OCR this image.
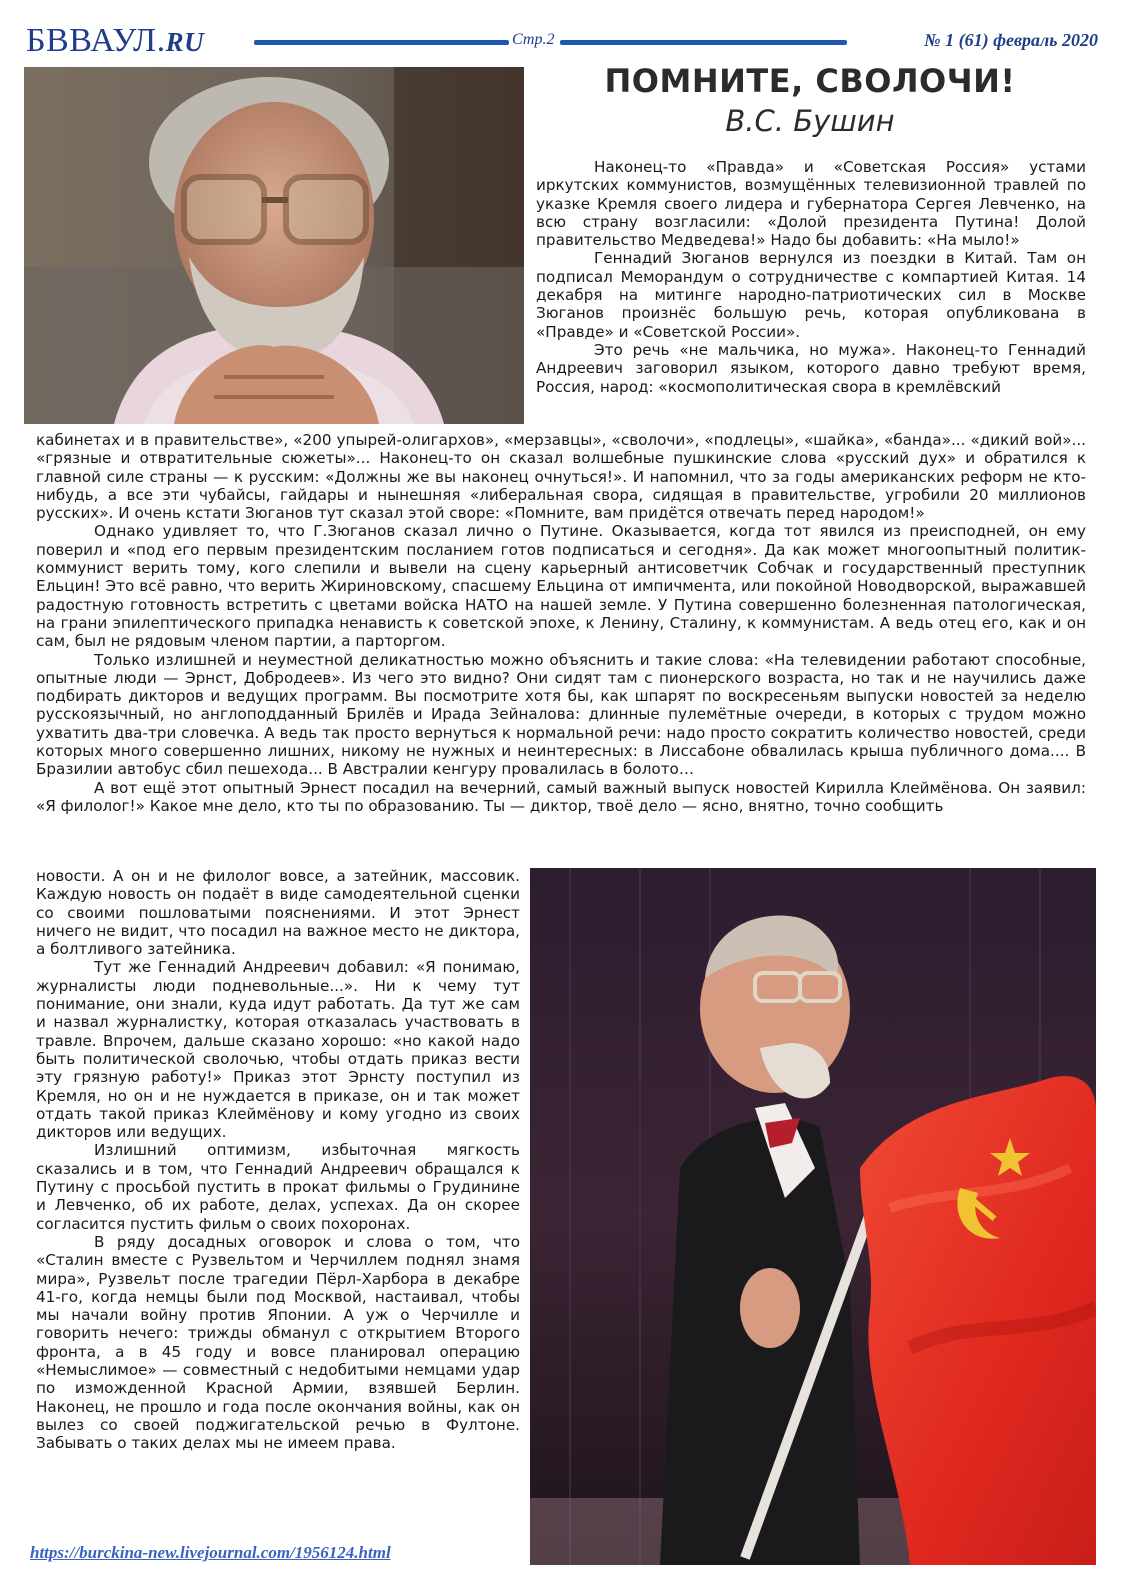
БВВАУЛ.RU	Стр.2	№ 1 (61) февраль 2020
ПОМНИТЕ, СВОЛОЧИ!
В.С. Бушин

Наконец-то «Правда» и «Советская Россия» устами иркутских коммунистов, возмущённых телевизионной травлей по указке Кремля своего лидера и губернатора Сергея Левченко, на всю страну возгласили: «Долой президента Путина! Долой правительство Медведева!» Надо бы добавить: «На мыло!»

Геннадий Зюганов вернулся из поездки в Китай. Там он подписал Меморандум о сотрудничестве с компартией Китая. 14 декабря на митинге народно-патриотических сил в Москве Зюганов произнёс большую речь, которая опубликована в «Правде» и «Советской России».

Это речь «не мальчика, но мужа». Наконец-то Геннадий Андреевич заговорил языком, которого давно требуют время, Россия, народ: «космополитическая свора в кремлёвский

кабинетах и в правительстве», «200 упырей-олигархов», «мерзавцы», «сволочи», «подлецы», «шайка», «банда»... «дикий вой»... «грязные и отвратительные сюжеты»... Наконец-то он сказал волшебные пушкинские слова «русский дух» и обратился к главной силе страны — к русским: «Должны же вы наконец очнуться!». И напомнил, что за годы американских реформ не кто-нибудь, а все эти чубайсы, гайдары и нынешняя «либеральная свора, сидящая в правительстве, угробили 20 миллионов русских». И очень кстати Зюганов тут сказал этой своре: «Помните, вам придётся отвечать перед народом!»

Однако удивляет то, что Г.Зюганов сказал лично о Путине. Оказывается, когда тот явился из преисподней, он ему поверил и «под его первым президентским посланием готов подписаться и сегодня». Да как может многоопытный политик-коммунист верить тому, кого слепили и вывели на сцену карьерный антисоветчик Собчак и государственный преступник Ельцин! Это всё равно, что верить Жириновскому, спасшему Ельцина от импичмента, или покойной Новодворской, выражавшей радостную готовность встретить с цветами войска НАТО на нашей земле. У Путина совершенно болезненная патологическая, на грани эпилептического припадка ненависть к советской эпохе, к Ленину, Сталину, к коммунистам. А ведь отец его, как и он сам, был не рядовым членом партии, а парторгом.

Только излишней и неуместной деликатностью можно объяснить и такие слова: «На телевидении работают способные, опытные люди — Эрнст, Добродеев». Из чего это видно? Они сидят там с пионерского возраста, но так и не научились даже подбирать дикторов и ведущих программ. Вы посмотрите хотя бы, как шпарят по воскресеньям выпуски новостей за неделю русскоязычный, но англоподданный Брилёв и Ирада Зейналова: длинные пулемётные очереди, в которых с трудом можно ухватить два-три словечка. А ведь так просто вернуться к нормальной речи: надо просто сократить количество новостей, среди которых много совершенно лишних, никому не нужных и неинтересных: в Лиссабоне обвалилась крыша публичного дома.... В Бразилии автобус сбил пешехода... В Австралии кенгуру провалилась в болото…

А вот ещё этот опытный Эрнест посадил на вечерний, самый важный выпуск новостей Кирилла Клеймёнова. Он заявил: «Я филолог!» Какое мне дело, кто ты по образованию. Ты — диктор, твоё дело — ясно, внятно, точно сообщить

новости. А он и не филолог вовсе, а затейник, массовик. Каждую новость он подаёт в виде самодеятельной сценки со своими пошловатыми пояснениями. И этот Эрнест ничего не видит, что посадил на важное место не диктора, а болтливого затейника.

Тут же Геннадий Андреевич добавил: «Я понимаю, журналисты люди подневольные...». Ни к чему тут понимание, они знали, куда идут работать. Да тут же сам и назвал журналистку, которая отказалась участвовать в травле. Впрочем, дальше сказано хорошо: «но какой надо быть политической сволочью, чтобы отдать приказ вести эту грязную работу!» Приказ этот Эрнсту поступил из Кремля, но он и не нуждается в приказе, он и так может отдать такой приказ Клеймёнову и кому угодно из своих дикторов или ведущих.

Излишний оптимизм, избыточная мягкость сказались и в том, что Геннадий Андреевич обращался к Путину с просьбой пустить в прокат фильмы о Грудинине и Левченко, об их работе, делах, успехах. Да он скорее согласится пустить фильм о своих похоронах.

В ряду досадных оговорок и слова о том, что «Сталин вместе с Рузвельтом и Черчиллем поднял знамя мира», Рузвельт после трагедии Пёрл-Харбора в декабре 41-го, когда немцы были под Москвой, настаивал, чтобы мы начали войну против Японии. А уж о Черчилле и говорить нечего: трижды обманул с открытием Второго фронта, а в 45 году и вовсе планировал операцию «Немыслимое» — совместный с недобитыми немцами удар по изможденной Красной Армии, взявшей Берлин. Наконец, не прошло и года после окончания войны, как он вылез со своей поджигательской речью в Фултоне. Забывать о таких делах мы не имеем права.

https://burckina-new.livejournal.com/1956124.html
